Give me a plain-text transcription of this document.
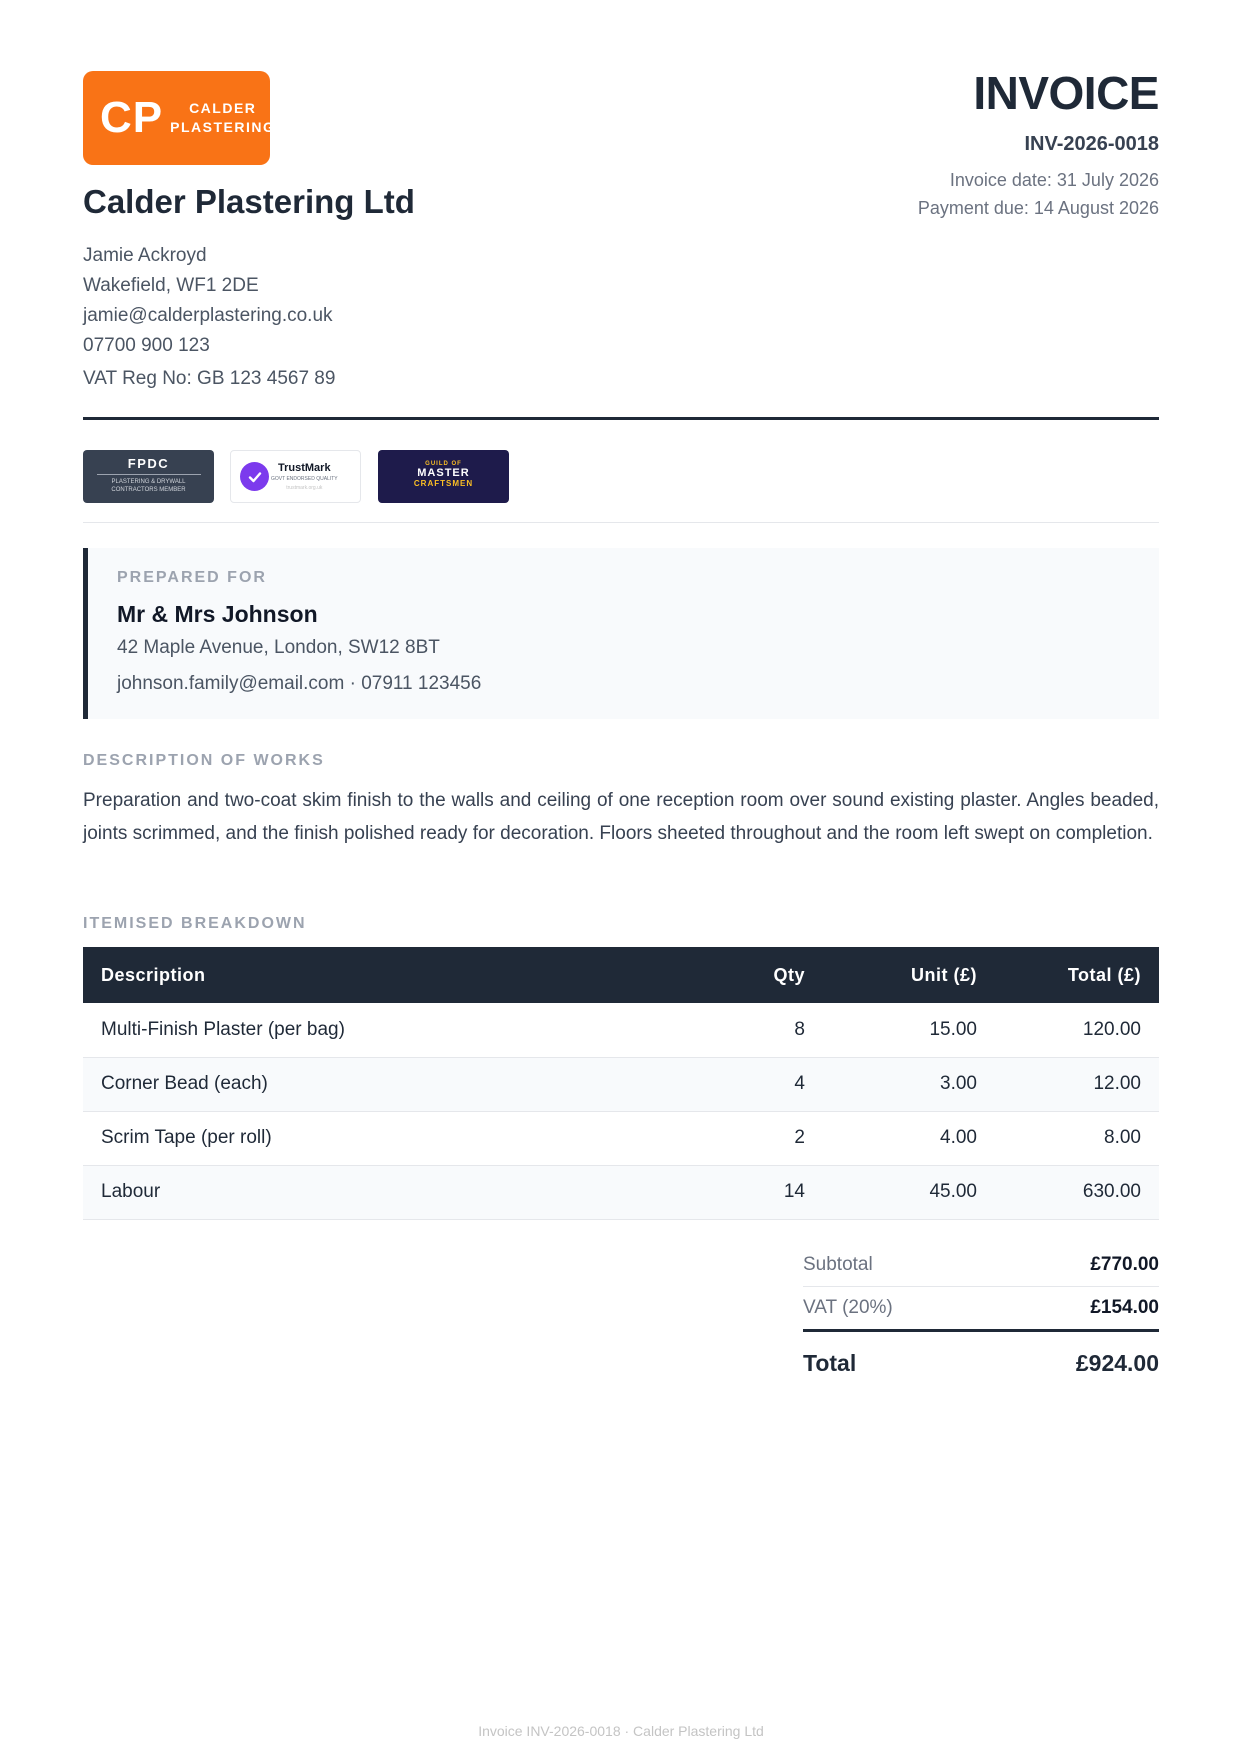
CP	CALDER
PLASTERING
Calder Plastering Ltd
Jamie Ackroyd
Wakefield, WF1 2DE
jamie@calderplastering.co.uk
07700 900 123
VAT Reg No: GB 123 4567 89
INVOICE
INV-2026-0018
Invoice date: 31 July 2026
Payment due: 14 August 2026
FPDC
PLASTERING & DRYWALL
CONTRACTORS MEMBER
TrustMark
GOVT ENDORSED QUALITY
trustmark.org.uk
GUILD OF
MASTER
CRAFTSMEN
PREPARED FOR
Mr & Mrs Johnson
42 Maple Avenue, London, SW12 8BT
johnson.family@email.com · 07911 123456
DESCRIPTION OF WORKS
Preparation and two-coat skim finish to the walls and ceiling of one reception room over sound existing plaster. Angles beaded, joints scrimmed, and the finish polished ready for decoration. Floors sheeted throughout and the room left swept on completion.
ITEMISED BREAKDOWN
Description	Qty	Unit (£)	Total (£)
Multi-Finish Plaster (per bag)	8	15.00	120.00
Corner Bead (each)	4	3.00	12.00
Scrim Tape (per roll)	2	4.00	8.00
Labour	14	45.00	630.00
Subtotal	£770.00
VAT (20%)	£154.00
Total	£924.00
Invoice INV-2026-0018 · Calder Plastering Ltd
